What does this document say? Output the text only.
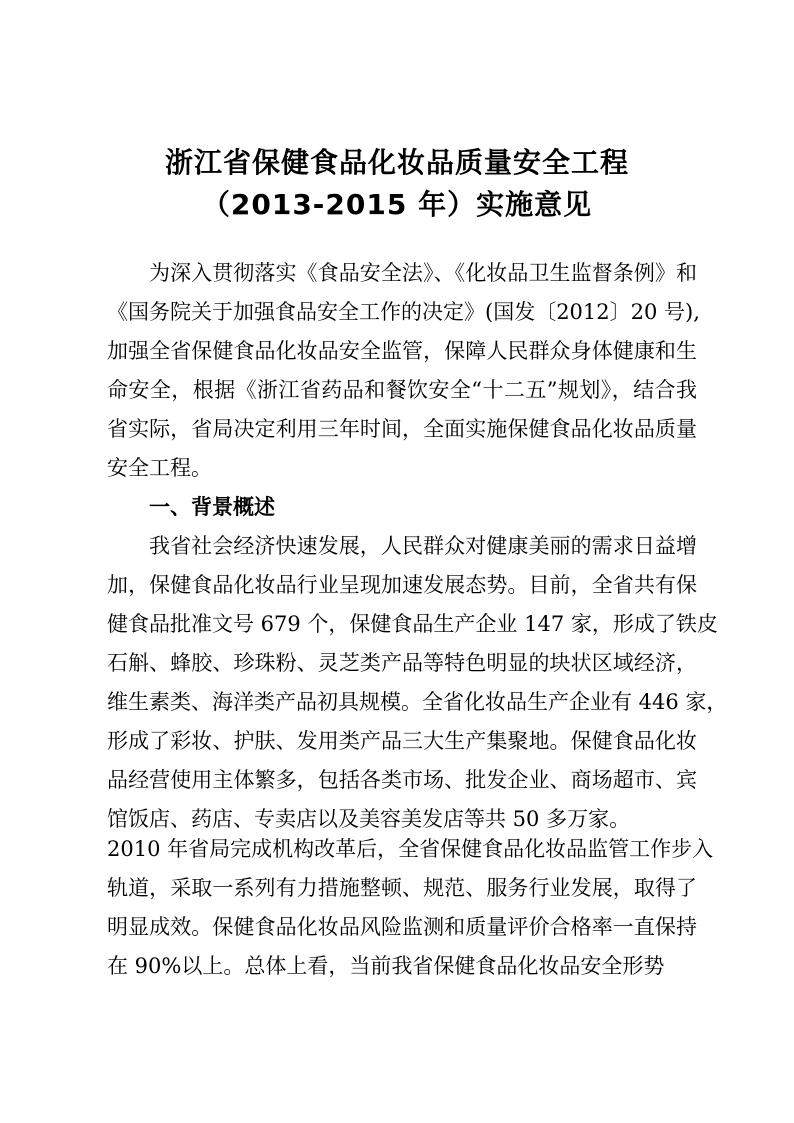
浙江省保健食品化妆品质量安全工程
（2013-2015 年）实施意见
为深入贯彻落实《食品安全法》、《化妆品卫生监督条例》和
《国务院关于加强食品安全工作的决定》(国发〔2012〕20 号),
加强全省保健食品化妆品安全监管，保障人民群众身体健康和生
命安全，根据《浙江省药品和餐饮安全“十二五”规划》，结合我
省实际，省局决定利用三年时间，全面实施保健食品化妆品质量
安全工程。
一、背景概述
我省社会经济快速发展，人民群众对健康美丽的需求日益增
加，保健食品化妆品行业呈现加速发展态势。目前，全省共有保
健食品批准文号 679 个，保健食品生产企业 147 家，形成了铁皮
石斛、蜂胶、珍珠粉、灵芝类产品等特色明显的块状区域经济，
维生素类、海洋类产品初具规模。全省化妆品生产企业有 446 家，
形成了彩妆、护肤、发用类产品三大生产集聚地。保健食品化妆
品经营使用主体繁多，包括各类市场、批发企业、商场超市、宾
馆饭店、药店、专卖店以及美容美发店等共 50 多万家。
2010 年省局完成机构改革后，全省保健食品化妆品监管工作步入
轨道，采取一系列有力措施整顿、规范、服务行业发展，取得了
明显成效。保健食品化妆品风险监测和质量评价合格率一直保持
在 90%以上。总体上看，当前我省保健食品化妆品安全形势
